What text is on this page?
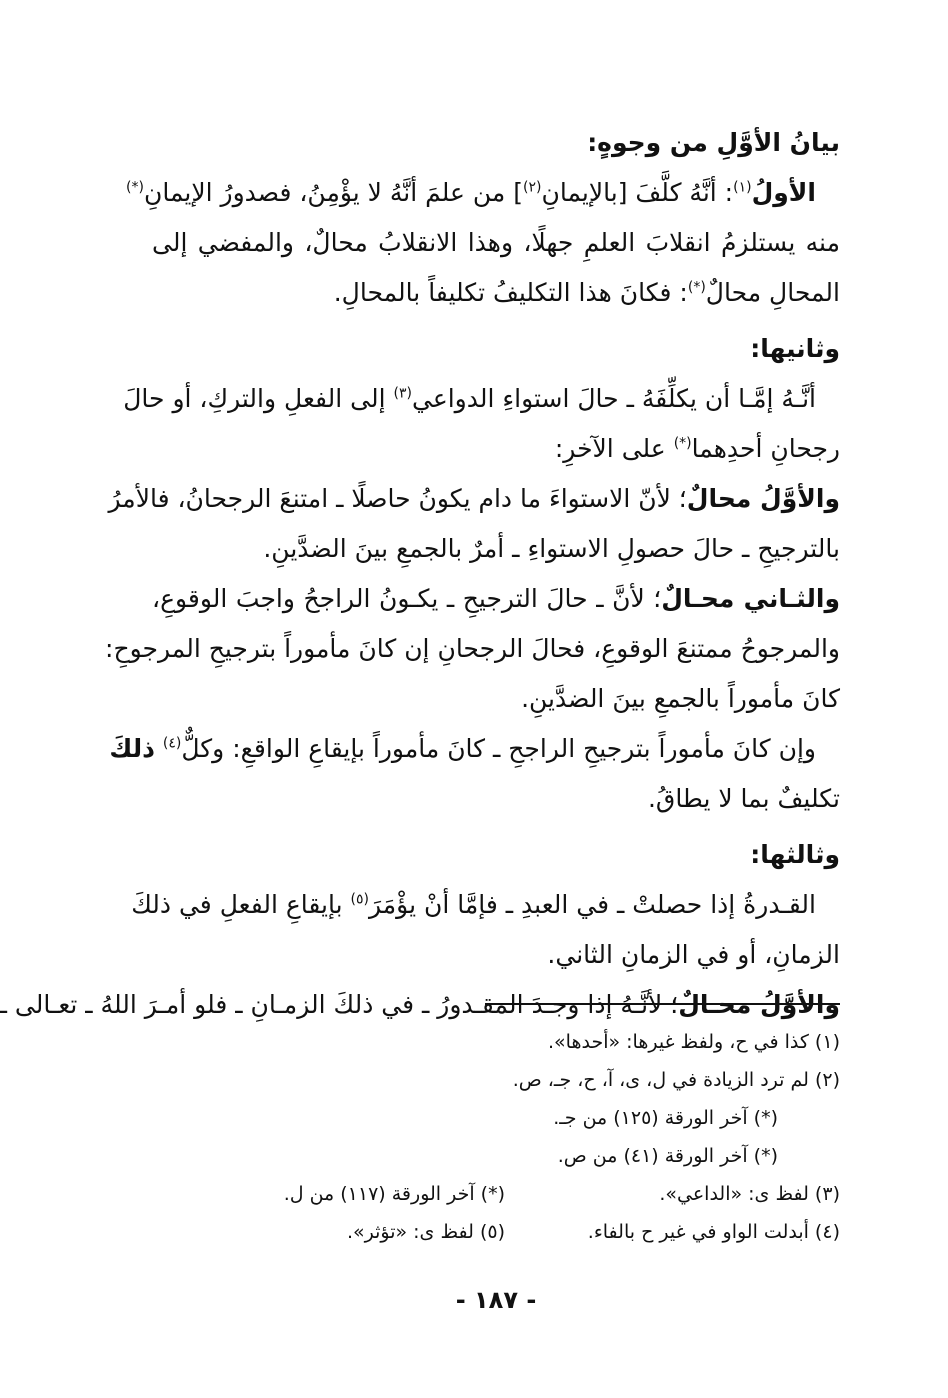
بيانُ الأوَّلِ من وجوهٍ:
الأولُ$^{(١)}$: أنَّهُ كلَّفَ [بالإيمانِ$^{(٢)}$] من علمَ أنَّهُ لا يؤْمِنُ، فصدورُ الإيمانِ(*)
منه يستلزمُ انقلابَ العلمِ جهلًا، وهذا الانقلابُ محالٌ، والمفضي إلى
المحالِ محالٌ(*): فكانَ هذا التكليفُ تكليفاً بالمحالِ.
وثانيها:
أنَّـهُ إمَّـا أن يكلِّفَهُ ـ حالَ استواءِ الدواعي$^{(٣)}$ إلى الفعلِ والتركِ، أو حالَ
رجحانِ أحدِهما(*) على الآخرِ:
والأوَّلُ محالٌ؛ لأنّ الاستواءَ ما دام يكونُ حاصلًا ـ امتنعَ الرجحانُ، فالأمرُ
بالترجيحِ ـ حالَ حصولِ الاستواءِ ـ أمرٌ بالجمعِ بينَ الضدَّينِ.
والثـاني محـالٌ؛ لأنَّ ـ حالَ الترجيحِ ـ يكـونُ الراجحُ واجبَ الوقوعِ،
والمرجوحُ ممتنعَ الوقوعِ، فحالَ الرجحانِ إن كانَ مأموراً بترجيحِ المرجوحِ:
كانَ مأموراً بالجمعِ بينَ الضدَّينِ.
وإن كانَ مأموراً بترجيحِ الراجحِ ـ كانَ مأموراً بإيقاعِ الواقعِ: وكلٌّ$^{(٤)}$ ذلكَ
تكليفٌ بما لا يطاقُ.
وثالثها:
القـدرةُ إذا حصلتْ ـ في العبدِ ـ فإمَّا أنْ يؤْمَرَ$^{(٥)}$ بإيقاعِ الفعلِ في ذلكَ
الزمانِ، أو في الزمانِ الثاني.
والأوَّلُ محـالٌ؛ لأنَّـهُ إذا وجـدَ المقـدورُ ـ في ذلكَ الزمـانِ ـ فلو أمـرَ اللهُ ـ تعـالى ـ
(١) كذا في ح، ولفظ غيرها: «أحدها».
(٢) لم ترد الزيادة في ل، ى، آ، ح، جـ، ص.
(*) آخر الورقة (١٢٥) من جـ.
(*) آخر الورقة (٤١) من ص.
(٣) لفظ ى: «الداعي».
(*) آخر الورقة (١١٧) من ل.
(٤) أبدلت الواو في غير ح بالفاء.
(٥) لفظ ى: «تؤثر».
- ١٨٧ -
